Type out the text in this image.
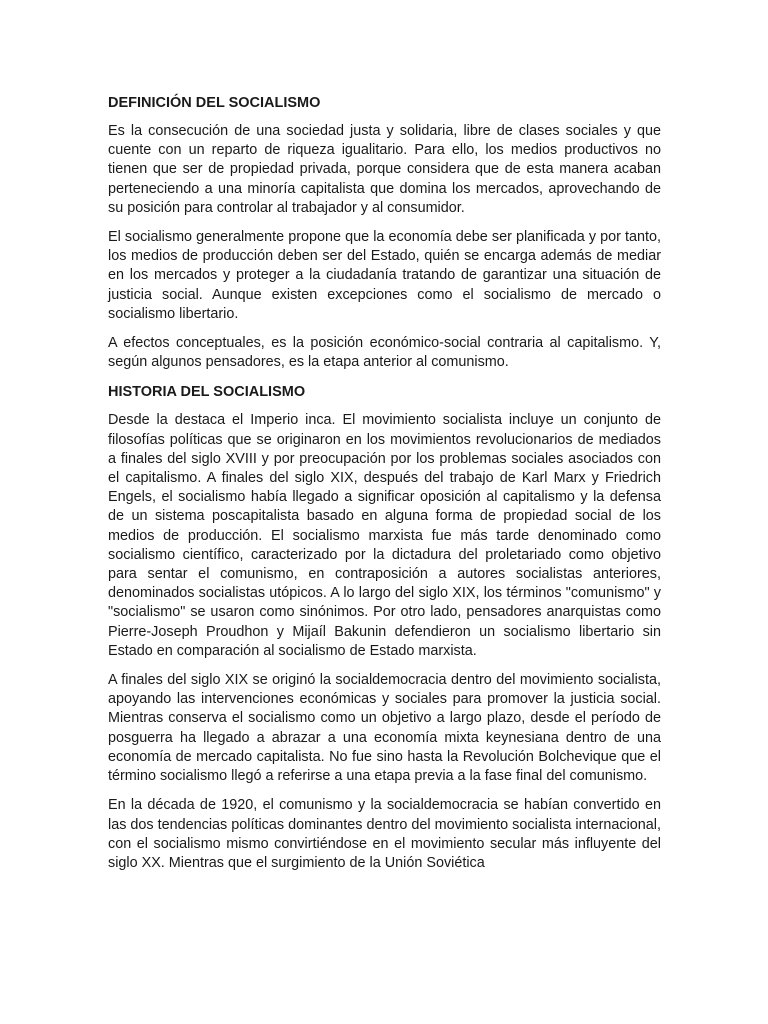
DEFINICIÓN DEL SOCIALISMO

Es la consecución de una sociedad justa y solidaria, libre de clases sociales y que cuente con un reparto de riqueza igualitario. Para ello, los medios productivos no tienen que ser de propiedad privada, porque considera que de esta manera acaban perteneciendo a una minoría capitalista que domina los mercados, aprovechando de su posición para controlar al trabajador y al consumidor.

El socialismo generalmente propone que la economía debe ser planificada y por tanto, los medios de producción deben ser del Estado, quién se encarga además de mediar en los mercados y proteger a la ciudadanía tratando de garantizar una situación de justicia social. Aunque existen excepciones como el socialismo de mercado o socialismo libertario.

A efectos conceptuales, es la posición económico-social contraria al capitalismo. Y, según algunos pensadores, es la etapa anterior al comunismo.

HISTORIA DEL SOCIALISMO

Desde la destaca el Imperio inca. El movimiento socialista incluye un conjunto de filosofías políticas que se originaron en los movimientos revolucionarios de mediados a finales del siglo XVIII y por preocupación por los problemas sociales asociados con el capitalismo. A finales del siglo XIX, después del trabajo de Karl Marx y Friedrich Engels, el socialismo había llegado a significar oposición al capitalismo y la defensa de un sistema poscapitalista basado en alguna forma de propiedad social de los medios de producción. El socialismo marxista fue más tarde denominado como socialismo científico, caracterizado por la dictadura del proletariado como objetivo para sentar el comunismo, en contraposición a autores socialistas anteriores, denominados socialistas utópicos. A lo largo del siglo XIX, los términos "comunismo" y "socialismo" se usaron como sinónimos. Por otro lado, pensadores anarquistas como Pierre-Joseph Proudhon y Mijaíl Bakunin defendieron un socialismo libertario sin Estado en comparación al socialismo de Estado marxista.

A finales del siglo XIX se originó la socialdemocracia dentro del movimiento socialista, apoyando las intervenciones económicas y sociales para promover la justicia social. Mientras conserva el socialismo como un objetivo a largo plazo, desde el período de posguerra ha llegado a abrazar a una economía mixta keynesiana dentro de una economía de mercado capitalista. No fue sino hasta la Revolución Bolchevique que el término socialismo llegó a referirse a una etapa previa a la fase final del comunismo.

En la década de 1920, el comunismo y la socialdemocracia se habían convertido en las dos tendencias políticas dominantes dentro del movimiento socialista internacional, con el socialismo mismo convirtiéndose en el movimiento secular más influyente del siglo XX. Mientras que el surgimiento de la Unión Soviética
